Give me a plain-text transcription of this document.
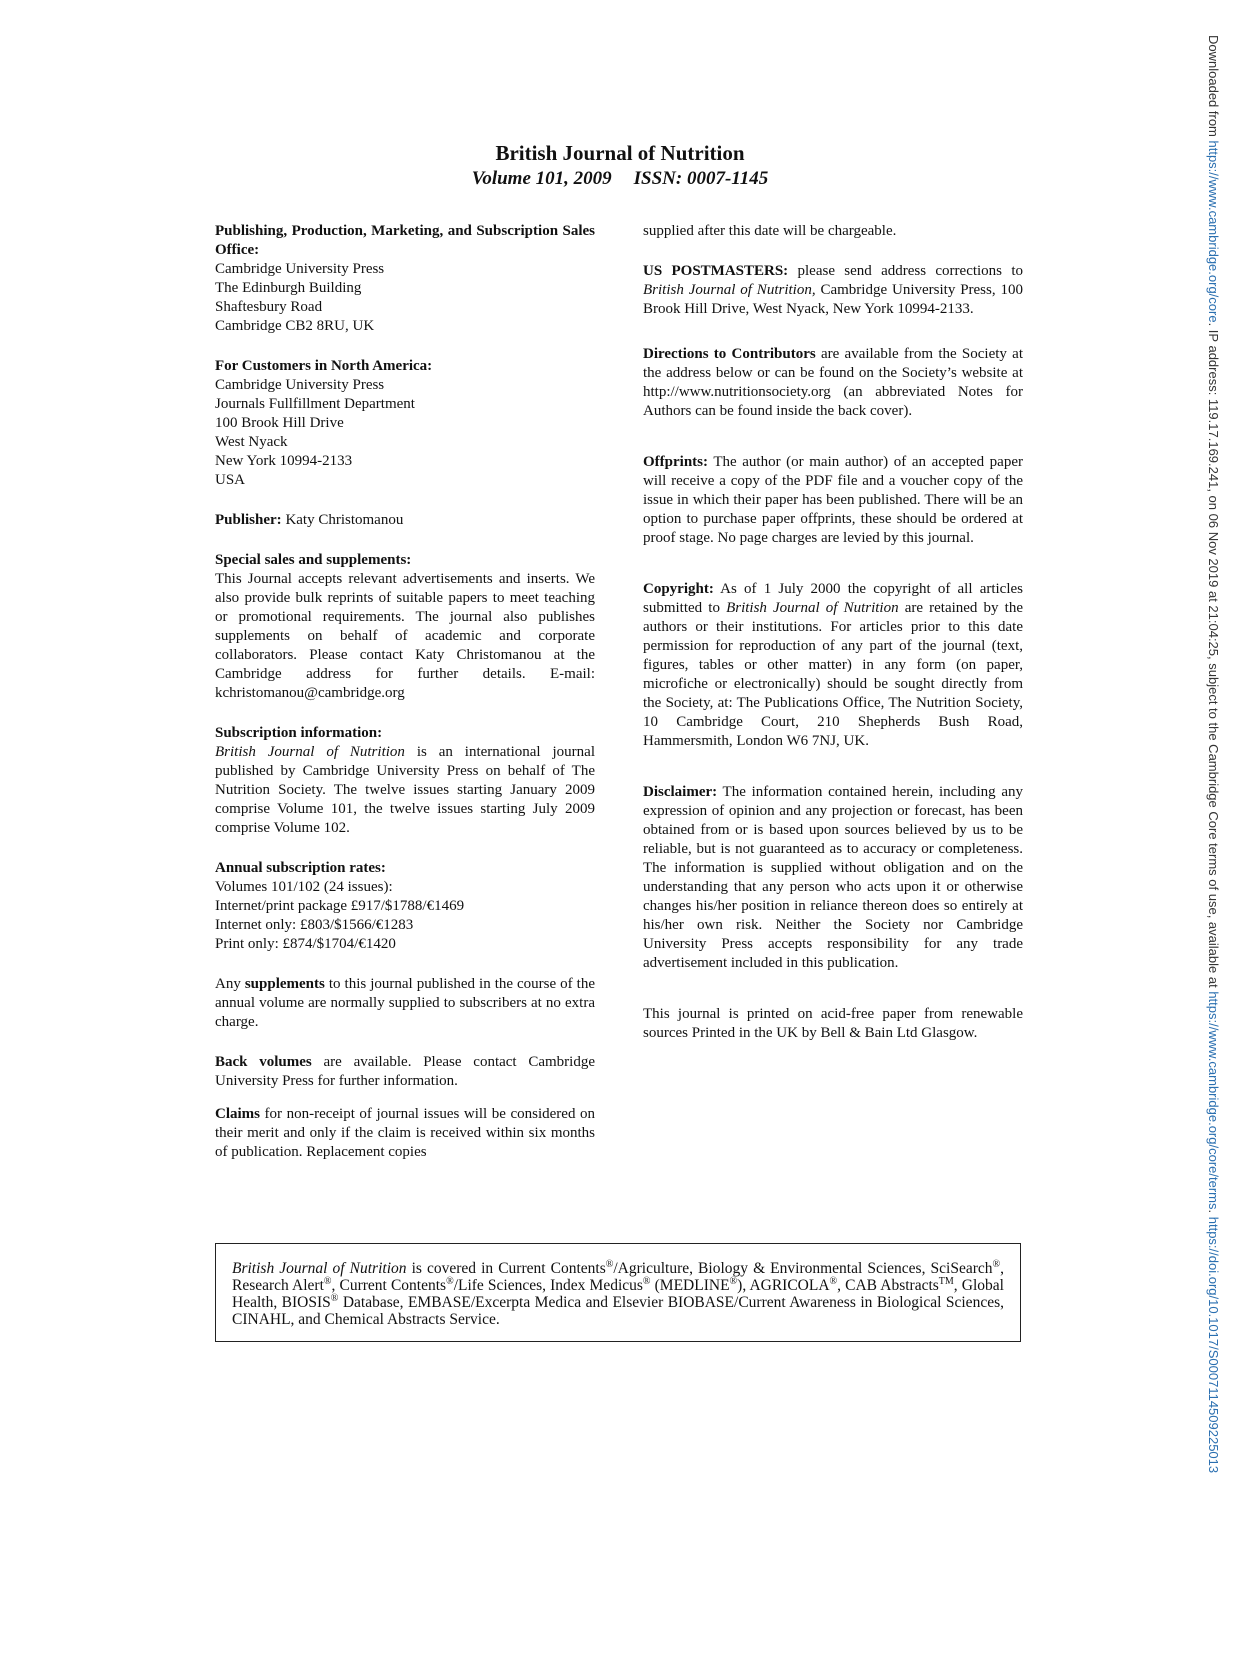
British Journal of Nutrition

Volume 101, 2009 ISSN: 0007-1145

Publishing, Production, Marketing, and Subscription Sales Office:

Cambridge University Press
The Edinburgh Building
Shaftesbury Road
Cambridge CB2 8RU, UK

For Customers in North America:

Cambridge University Press
Journals Fullfillment Department
100 Brook Hill Drive
West Nyack
New York 10994-2133
USA

Publisher: Katy Christomanou

Special sales and supplements:

This Journal accepts relevant advertisements and inserts. We also provide bulk reprints of suitable papers to meet teaching or promotional requirements. The journal also publishes supplements on behalf of academic and corporate collaborators. Please contact Katy Christomanou at the Cambridge address for further details. E-mail: kchristomanou@cambridge.org

Subscription information:

British Journal of Nutrition is an international journal published by Cambridge University Press on behalf of The Nutrition Society. The twelve issues starting January 2009 comprise Volume 101, the twelve issues starting July 2009 comprise Volume 102.

Annual subscription rates:

Volumes 101/102 (24 issues):
Internet/print package £917/$1788/€1469
Internet only: £803/$1566/€1283
Print only: £874/$1704/€1420

Any supplements to this journal published in the course of the annual volume are normally supplied to subscribers at no extra charge.

Back volumes are available. Please contact Cambridge University Press for further information.

Claims for non-receipt of journal issues will be considered on their merit and only if the claim is received within six months of publication. Replacement copies

supplied after this date will be chargeable.

US POSTMASTERS: please send address corrections to British Journal of Nutrition, Cambridge University Press, 100 Brook Hill Drive, West Nyack, New York 10994-2133.

Directions to Contributors are available from the Society at the address below or can be found on the Society’s website at http://www.nutritionsociety.org (an abbreviated Notes for Authors can be found inside the back cover).

Offprints: The author (or main author) of an accepted paper will receive a copy of the PDF file and a voucher copy of the issue in which their paper has been published. There will be an option to purchase paper offprints, these should be ordered at proof stage. No page charges are levied by this journal.

Copyright: As of 1 July 2000 the copyright of all articles submitted to British Journal of Nutrition are retained by the authors or their institutions. For articles prior to this date permission for reproduction of any part of the journal (text, figures, tables or other matter) in any form (on paper, microfiche or electronically) should be sought directly from the Society, at: The Publications Office, The Nutrition Society, 10 Cambridge Court, 210 Shepherds Bush Road, Hammersmith, London W6 7NJ, UK.

Disclaimer: The information contained herein, including any expression of opinion and any projection or forecast, has been obtained from or is based upon sources believed by us to be reliable, but is not guaranteed as to accuracy or completeness. The information is supplied without obligation and on the understanding that any person who acts upon it or otherwise changes his/her position in reliance thereon does so entirely at his/her own risk. Neither the Society nor Cambridge University Press accepts responsibility for any trade advertisement included in this publication.

This journal is printed on acid-free paper from renewable sources Printed in the UK by Bell & Bain Ltd Glasgow.

British Journal of Nutrition is covered in Current Contents®/Agriculture, Biology & Environmental Sciences, SciSearch®, Research Alert®, Current Contents®/Life Sciences, Index Medicus® (MEDLINE®), AGRICOLA®, CAB Abstracts™, Global Health, BIOSIS® Database, EMBASE/Excerpta Medica and Elsevier BIOBASE/Current Awareness in Biological Sciences, CINAHL, and Chemical Abstracts Service.
Downloaded from https://www.cambridge.org/core. IP address: 119.17.169.241, on 06 Nov 2019 at 21:04:25, subject to the Cambridge Core terms of use, available at https://www.cambridge.org/core/terms. https://doi.org/10.1017/S0007114509225013
